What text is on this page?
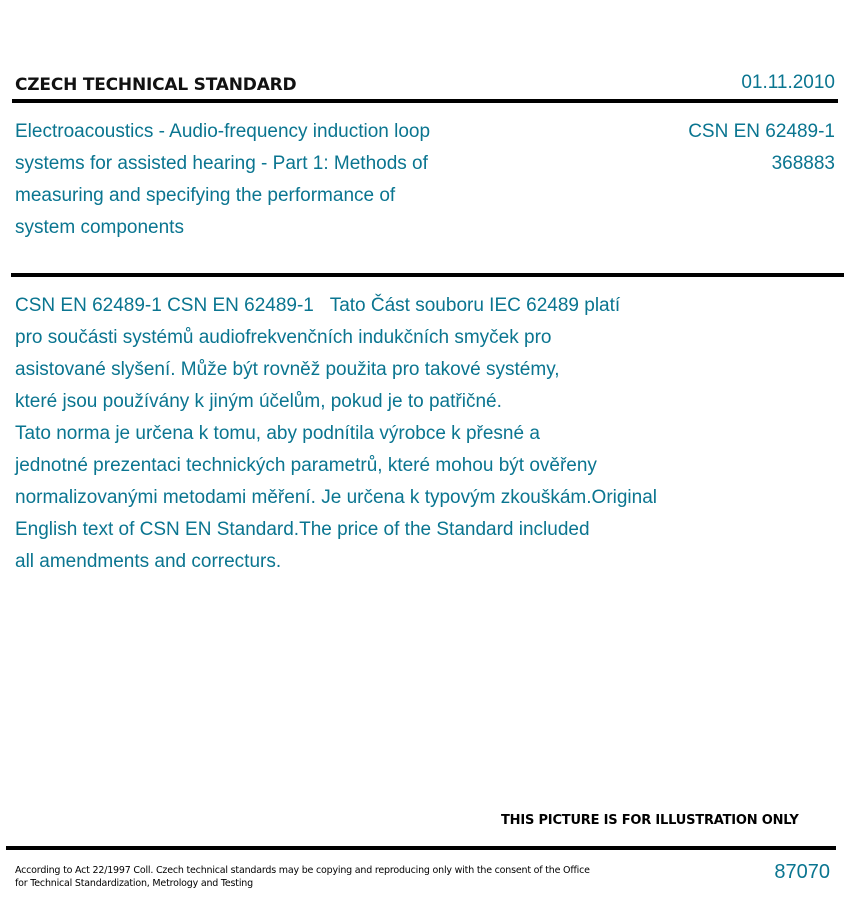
CZECH TECHNICAL STANDARD	01.11.2010
Electroacoustics - Audio-frequency induction loop systems for assisted hearing - Part 1: Methods of measuring and specifying the performance of system components
CSN EN 62489-1
368883

CSN EN 62489-1 CSN EN 62489-1   Tato Část souboru IEC 62489 platí

pro součásti systémů audiofrekvenčních indukčních smyček pro

asistované slyšení. Může být rovněž použita pro takové systémy,

které jsou používány k jiným účelům, pokud je to patřičné.

Tato norma je určena k tomu, aby podnítila výrobce k přesné a

jednotné prezentaci technických parametrů, které mohou být ověřeny

normalizovanými metodami měření. Je určena k typovým zkouškám.Original

English text of CSN EN Standard.The price of the Standard included

all amendments and correcturs.

THIS PICTURE IS FOR ILLUSTRATION ONLY
According to Act 22/1997 Coll. Czech technical standards may be copying and reproducing only with the consent of the Office
for Technical Standardization, Metrology and Testing
87070
